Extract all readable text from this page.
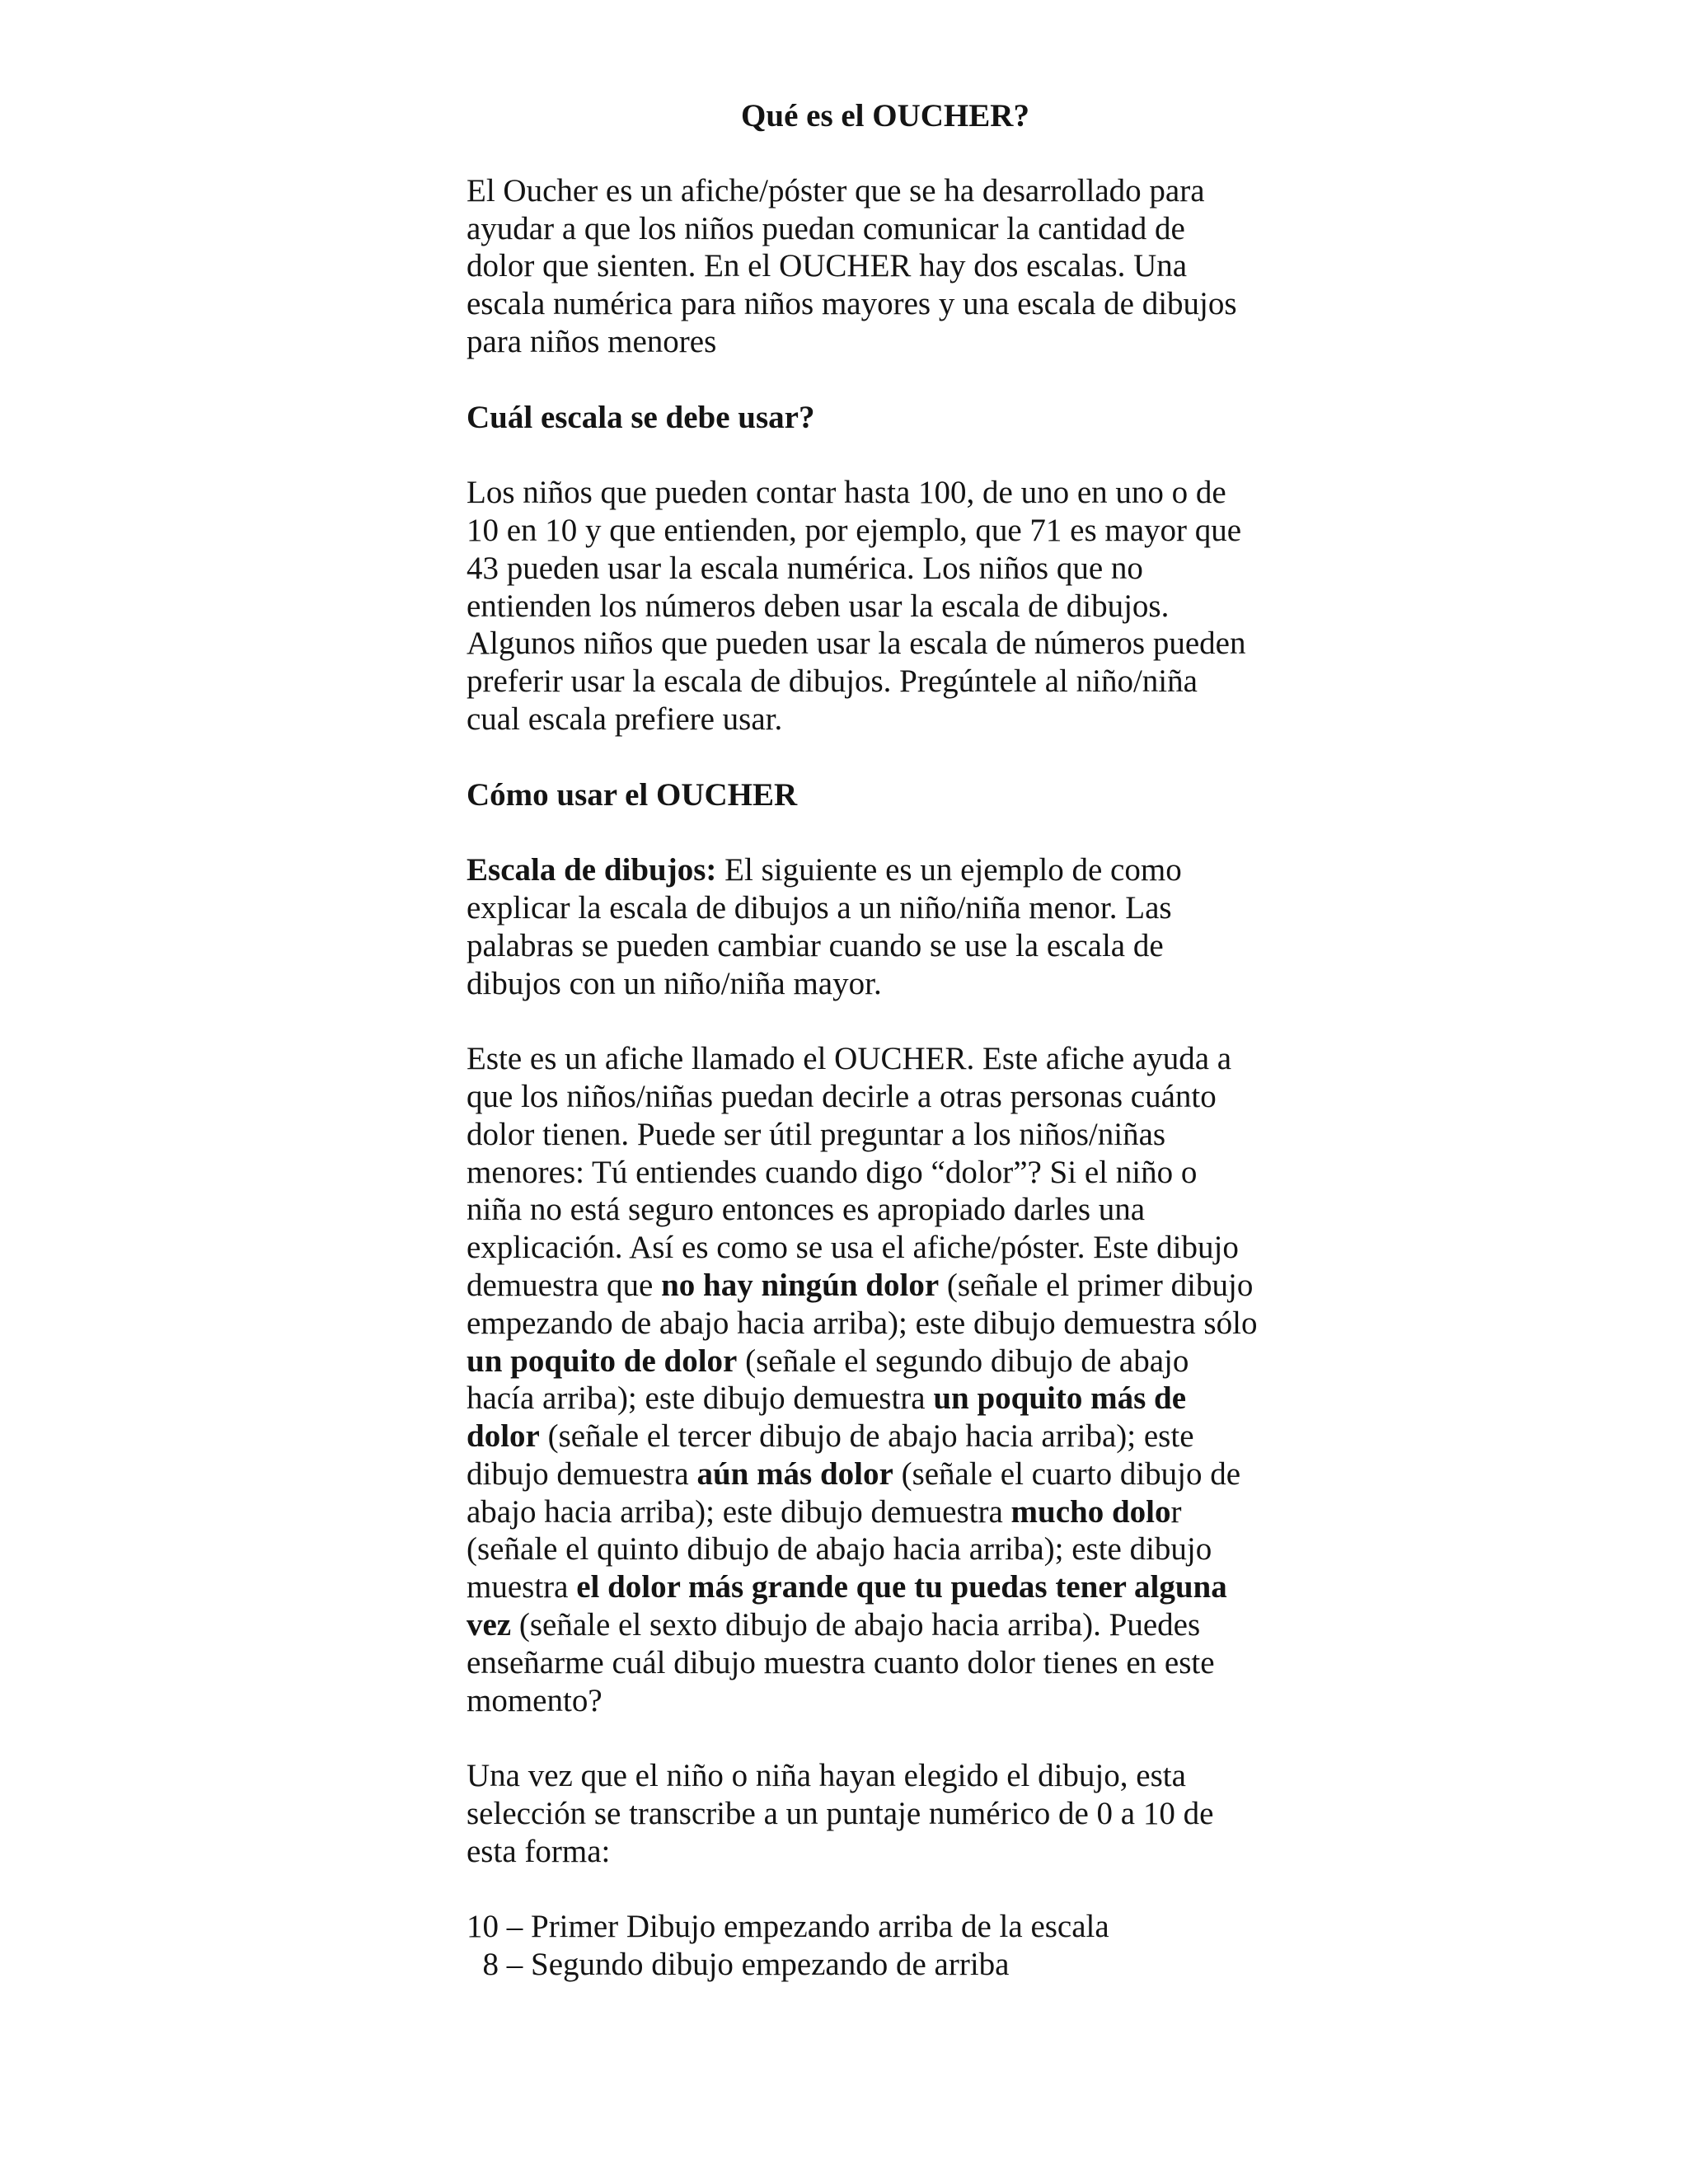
Qué es el OUCHER?

El Oucher es un afiche/póster que se ha desarrollado para ayudar a que los niños puedan comunicar la cantidad de dolor que sienten. En el OUCHER hay dos escalas. Una escala numérica para niños mayores y una escala de dibujos para niños menores

Cuál escala se debe usar?

Los niños que pueden contar hasta 100, de uno en uno o de 10 en 10 y que entienden, por ejemplo, que 71 es mayor que 43 pueden usar la escala numérica. Los niños que no entienden los números deben usar la escala de dibujos. Algunos niños que pueden usar la escala de números pueden preferir usar la escala de dibujos. Pregúntele al niño/niña cual escala prefiere usar.

Cómo usar el OUCHER

Escala de dibujos: El siguiente es un ejemplo de como explicar la escala de dibujos a un niño/niña menor. Las palabras se pueden cambiar cuando se use la escala de dibujos con un niño/niña mayor.

Este es un afiche llamado el OUCHER. Este afiche ayuda a que los niños/niñas puedan decirle a otras personas cuánto dolor tienen. Puede ser útil preguntar a los niños/niñas menores: Tú entiendes cuando digo “dolor”? Si el niño o niña no está seguro entonces es apropiado darles una explicación. Así es como se usa el afiche/póster. Este dibujo demuestra que no hay ningún dolor (señale el primer dibujo empezando de abajo hacia arriba); este dibujo demuestra sólo un poquito de dolor (señale el segundo dibujo de abajo hacía arriba); este dibujo demuestra un poquito más de dolor (señale el tercer dibujo de abajo hacia arriba); este dibujo demuestra aún más dolor (señale el cuarto dibujo de abajo hacia arriba); este dibujo demuestra mucho dolor (señale el quinto dibujo de abajo hacia arriba); este dibujo muestra el dolor más grande que tu puedas tener alguna vez (señale el sexto dibujo de abajo hacia arriba). Puedes enseñarme cuál dibujo muestra cuanto dolor tienes en este momento?

Una vez que el niño o niña hayan elegido el dibujo, esta selección se transcribe a un puntaje numérico de 0 a 10 de esta forma:

10 – Primer Dibujo empezando arriba de la escala

8 – Segundo dibujo empezando de arriba
